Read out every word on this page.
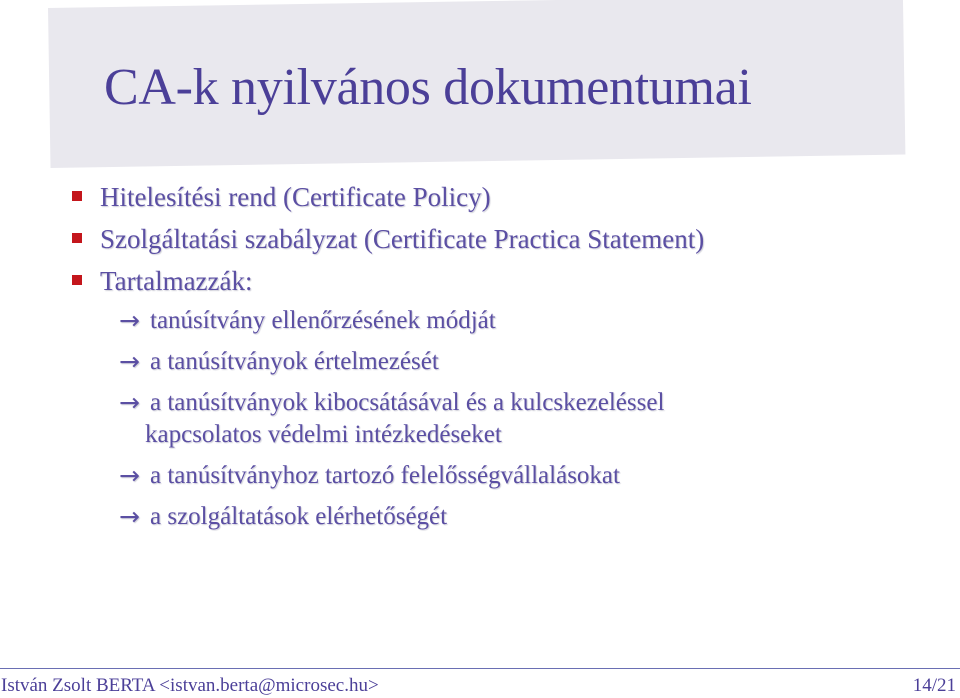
CA-k nyilvános dokumentumai
Hitelesítési rend (Certificate Policy)
Szolgáltatási szabályzat (Certificate Practica Statement)
Tartalmazzák:
→ tanúsítvány ellenőrzésének módját
→ a tanúsítványok értelmezését
→ a tanúsítványok kibocsátásával és a kulcskezeléssel
kapcsolatos védelmi intézkedéseket
→ a tanúsítványhoz tartozó felelősségvállalásokat
→ a szolgáltatások elérhetőségét
István Zsolt BERTA <istvan.berta@microsec.hu>	14/21
